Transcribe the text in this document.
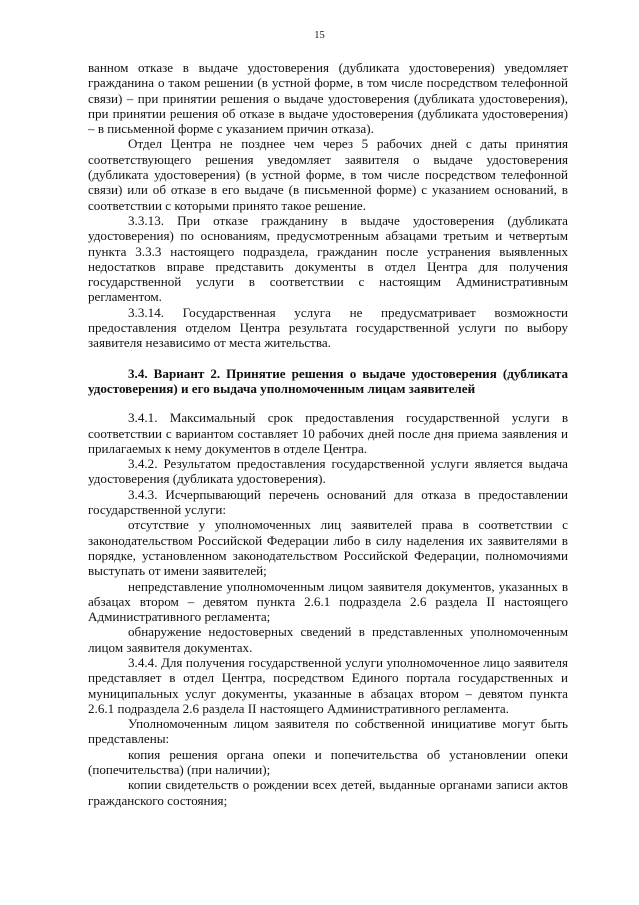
15

ванном отказе в выдаче удостоверения (дубликата удостоверения) уведомляет гражданина о таком решении (в устной форме, в том числе посредством телефонной связи) – при принятии решения о выдаче удостоверения (дубликата удостоверения), при принятии решения об отказе в выдаче удостоверения (дубликата удостоверения) – в письменной форме с указанием причин отказа).

Отдел Центра не позднее чем через 5 рабочих дней с даты принятия соответствующего решения уведомляет заявителя о выдаче удостоверения (дубликата удостоверения) (в устной форме, в том числе посредством телефонной связи) или об отказе в его выдаче (в письменной форме) с указанием оснований, в соответствии с которыми принято такое решение.

3.3.13. При отказе гражданину в выдаче удостоверения (дубликата удостоверения) по основаниям, предусмотренным абзацами третьим и четвертым пункта 3.3.3 настоящего подраздела, гражданин после устранения выявленных недостатков вправе представить документы в отдел Центра для получения государственной услуги в соответствии с настоящим Административным регламентом.

3.3.14. Государственная услуга не предусматривает возможности предоставления отделом Центра результата государственной услуги по выбору заявителя независимо от места жительства.

3.4. Вариант 2. Принятие решения о выдаче удостоверения (дубликата удостоверения) и его выдача уполномоченным лицам заявителей

3.4.1. Максимальный срок предоставления государственной услуги в соответствии с вариантом составляет 10 рабочих дней после дня приема заявления и прилагаемых к нему документов в отделе Центра.

3.4.2. Результатом предоставления государственной услуги является выдача удостоверения (дубликата удостоверения).

3.4.3. Исчерпывающий перечень оснований для отказа в предоставлении государственной услуги:

отсутствие у уполномоченных лиц заявителей права в соответствии с законодательством Российской Федерации либо в силу наделения их заявителями в порядке, установленном законодательством Российской Федерации, полномочиями выступать от имени заявителей;

непредставление уполномоченным лицом заявителя документов, указанных в абзацах втором – девятом пункта 2.6.1 подраздела 2.6 раздела II настоящего Административного регламента;

обнаружение недостоверных сведений в представленных уполномоченным лицом заявителя документах.

3.4.4. Для получения государственной услуги уполномоченное лицо заявителя представляет в отдел Центра, посредством Единого портала государственных и муниципальных услуг документы, указанные в абзацах втором – девятом пункта 2.6.1 подраздела 2.6 раздела II настоящего Административного регламента.

Уполномоченным лицом заявителя по собственной инициативе могут быть представлены:

копия решения органа опеки и попечительства об установлении опеки (попечительства) (при наличии);

копии свидетельств о рождении всех детей, выданные органами записи актов гражданского состояния;
